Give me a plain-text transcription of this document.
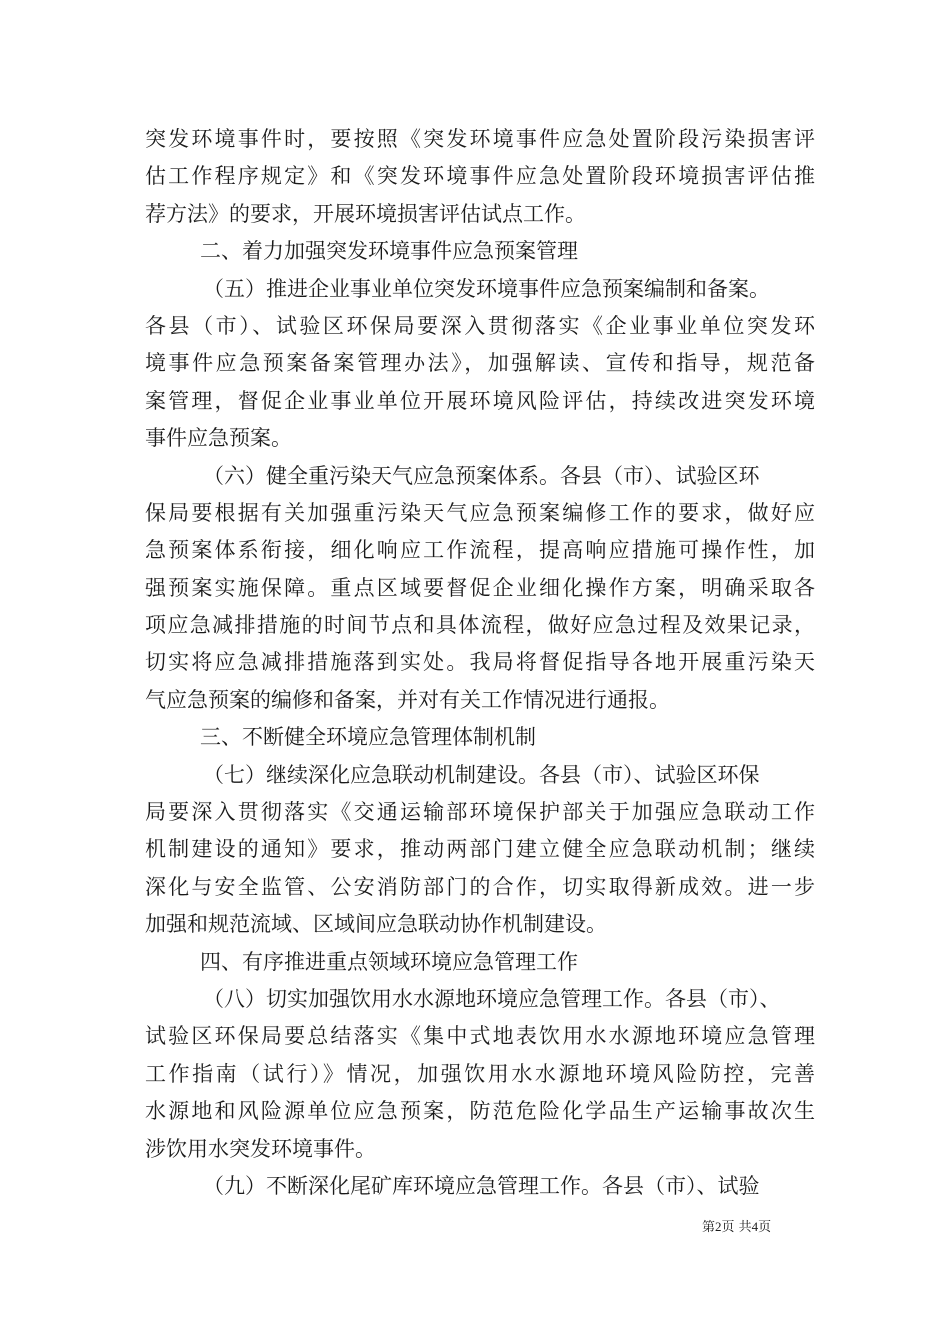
突发环境事件时，要按照《突发环境事件应急处置阶段污染损害评
估工作程序规定》和《突发环境事件应急处置阶段环境损害评估推
荐方法》的要求，开展环境损害评估试点工作。
二、着力加强突发环境事件应急预案管理
（五）推进企业事业单位突发环境事件应急预案编制和备案。
各县（市）、试验区环保局要深入贯彻落实《企业事业单位突发环
境事件应急预案备案管理办法》，加强解读、宣传和指导，规范备
案管理，督促企业事业单位开展环境风险评估，持续改进突发环境
事件应急预案。
（六）健全重污染天气应急预案体系。各县（市）、试验区环
保局要根据有关加强重污染天气应急预案编修工作的要求，做好应
急预案体系衔接，细化响应工作流程，提高响应措施可操作性，加
强预案实施保障。重点区域要督促企业细化操作方案，明确采取各
项应急减排措施的时间节点和具体流程，做好应急过程及效果记录，
切实将应急减排措施落到实处。我局将督促指导各地开展重污染天
气应急预案的编修和备案，并对有关工作情况进行通报。
三、不断健全环境应急管理体制机制
（七）继续深化应急联动机制建设。各县（市）、试验区环保
局要深入贯彻落实《交通运输部环境保护部关于加强应急联动工作
机制建设的通知》要求，推动两部门建立健全应急联动机制；继续
深化与安全监管、公安消防部门的合作，切实取得新成效。进一步
加强和规范流域、区域间应急联动协作机制建设。
四、有序推进重点领域环境应急管理工作
（八）切实加强饮用水水源地环境应急管理工作。各县（市）、
试验区环保局要总结落实《集中式地表饮用水水源地环境应急管理
工作指南（试行）》情况，加强饮用水水源地环境风险防控，完善
水源地和风险源单位应急预案，防范危险化学品生产运输事故次生
涉饮用水突发环境事件。
（九）不断深化尾矿库环境应急管理工作。各县（市）、试验
第2页 共4页
